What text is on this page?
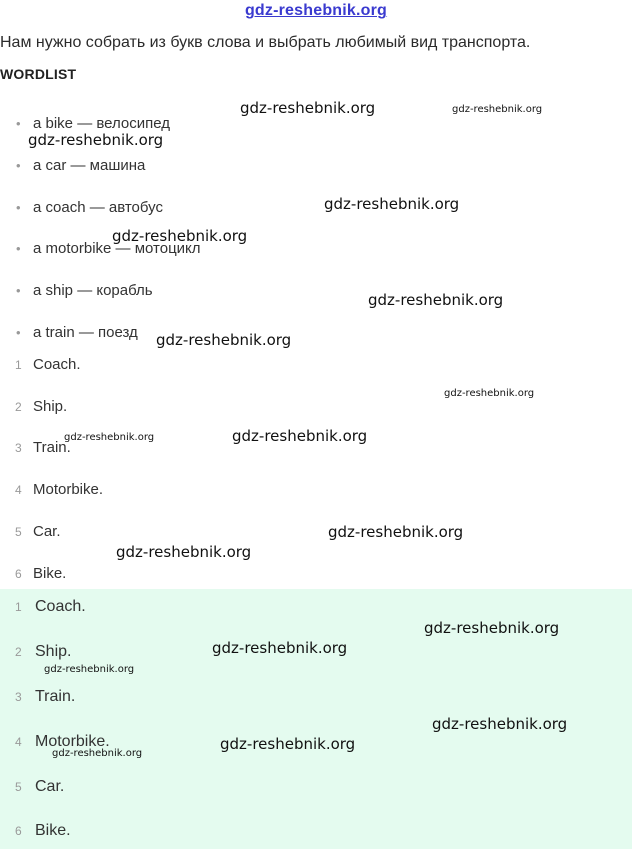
gdz-reshebnik.org
Нам нужно собрать из букв слова и выбрать любимый вид транспорта.
WORDLIST
• a bike — велосипед
• a car — машина
• a coach — автобус
• a motorbike — мотоцикл
• a ship — корабль
• a train — поезд
1 Coach.
2 Ship.
3 Train.
4 Motorbike.
5 Car.
6 Bike.
1 Coach.
2 Ship.
3 Train.
4 Motorbike.
5 Car.
6 Bike.
gdz-reshebnik.org	gdz-reshebnik.org
gdz-reshebnik.org
gdz-reshebnik.org
gdz-reshebnik.org
gdz-reshebnik.org
gdz-reshebnik.org
gdz-reshebnik.org
gdz-reshebnik.org	gdz-reshebnik.org
gdz-reshebnik.org
gdz-reshebnik.org
gdz-reshebnik.org
gdz-reshebnik.org
gdz-reshebnik.org
gdz-reshebnik.org
gdz-reshebnik.org
gdz-reshebnik.org
